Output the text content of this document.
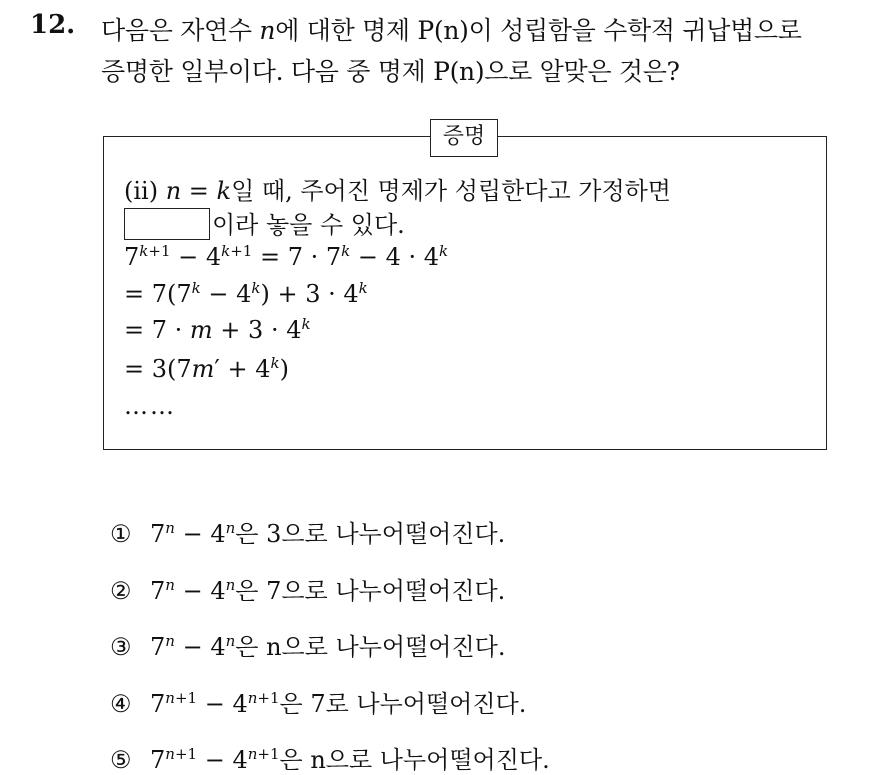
12. 다음은 자연수 n에 대한 명제 P(n)이 성립함을 수학적 귀납법으로
증명한 일부이다. 다음 중 명제 P(n)으로 알맞은 것은?
증명
(ii) n = k일 때, 주어진 명제가 성립한다고 가정하면
이라 놓을 수 있다.
$7^{k+1} - 4^{k+1} = 7 \cdot 7^k - 4 \cdot 4^k$
= $7(7^k - 4^k) + 3 \cdot 4^k$
= $7 \cdot m + 3 \cdot 4^k$
= $3(7m' + 4^k)$
……
① $7^n - 4^n$은 3으로 나누어떨어진다.
② $7^n - 4^n$은 7으로 나누어떨어진다.
③ $7^n - 4^n$은 n으로 나누어떨어진다.
④ $7^{n+1} - 4^{n+1}$은 7로 나누어떨어진다.
⑤ $7^{n+1} - 4^{n+1}$은 n으로 나누어떨어진다.
